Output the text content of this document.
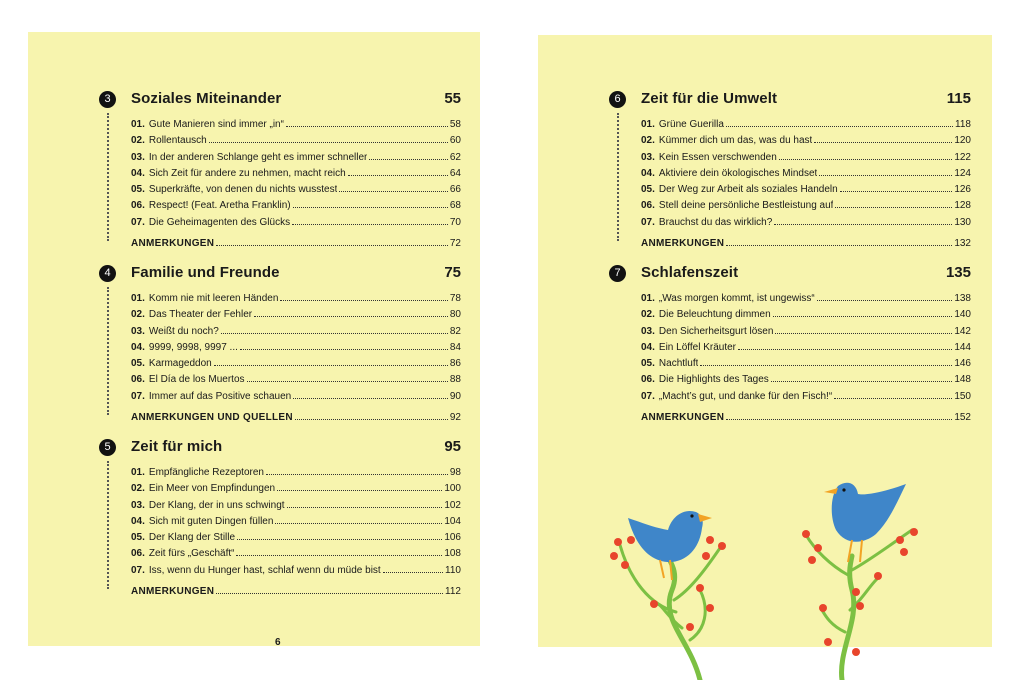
3	Soziales Miteinander	55
01. Gute Manieren sind immer „in“	58
02. Rollentausch	60
03. In der anderen Schlange geht es immer schneller	62
04. Sich Zeit für andere zu nehmen, macht reich	64
05. Superkräfte, von denen du nichts wusstest	66
06. Respect! (Feat. Aretha Franklin)	68
07. Die Geheimagenten des Glücks	70
ANMERKUNGEN	72
4	Familie und Freunde	75
01. Komm nie mit leeren Händen	78
02. Das Theater der Fehler	80
03. Weißt du noch?	82
04. 9999, 9998, 9997 ...	84
05. Karmageddon	86
06. El Día de los Muertos	88
07. Immer auf das Positive schauen	90
ANMERKUNGEN UND QUELLEN	92
5	Zeit für mich	95
01. Empfängliche Rezeptoren	98
02. Ein Meer von Empfindungen	100
03. Der Klang, der in uns schwingt	102
04. Sich mit guten Dingen füllen	104
05. Der Klang der Stille	106
06. Zeit fürs „Geschäft“	108
07. Iss, wenn du Hunger hast, schlaf wenn du müde bist	110
ANMERKUNGEN	112
6
6	Zeit für die Umwelt	115
01. Grüne Guerilla	118
02. Kümmer dich um das, was du hast	120
03. Kein Essen verschwenden	122
04. Aktiviere dein ökologisches Mindset	124
05. Der Weg zur Arbeit als soziales Handeln	126
06. Stell deine persönliche Bestleistung auf	128
07. Brauchst du das wirklich?	130
ANMERKUNGEN	132
7	Schlafenszeit	135
01. „Was morgen kommt, ist ungewiss“	138
02. Die Beleuchtung dimmen	140
03. Den Sicherheitsgurt lösen	142
04. Ein Löffel Kräuter	144
05. Nachtluft	146
06. Die Highlights des Tages	148
07. „Macht’s gut, und danke für den Fisch!“	150
ANMERKUNGEN	152
